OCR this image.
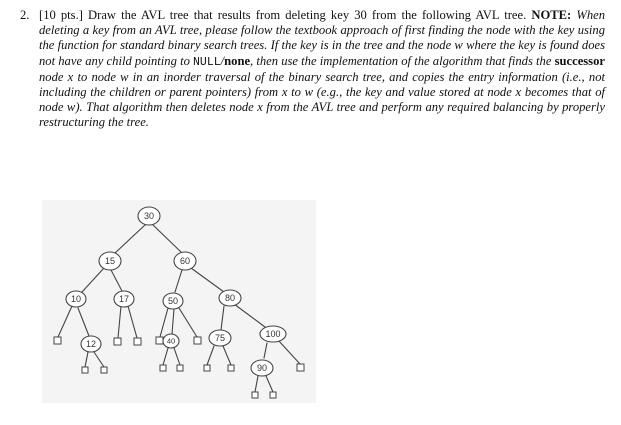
2. [10 pts.] Draw the AVL tree that results from deleting key 30 from the following AVL tree. NOTE: When deleting a key from an AVL tree, please follow the textbook approach of first finding the node with the key using the function for standard binary search trees. If the key is in the tree and the node w where the key is found does not have any child pointing to NULL/none, then use the implementation of the algorithm that finds the successor node x to node w in an inorder traversal of the binary search tree, and copies the entry information (i.e., not including the children or parent pointers) from x to w (e.g., the key and value stored at node x becomes that of node w). That algorithm then deletes node x from the AVL tree and perform any required balancing by properly restructuring the tree.
30
15	60
10	17	50	80
12	40	75	100
90
